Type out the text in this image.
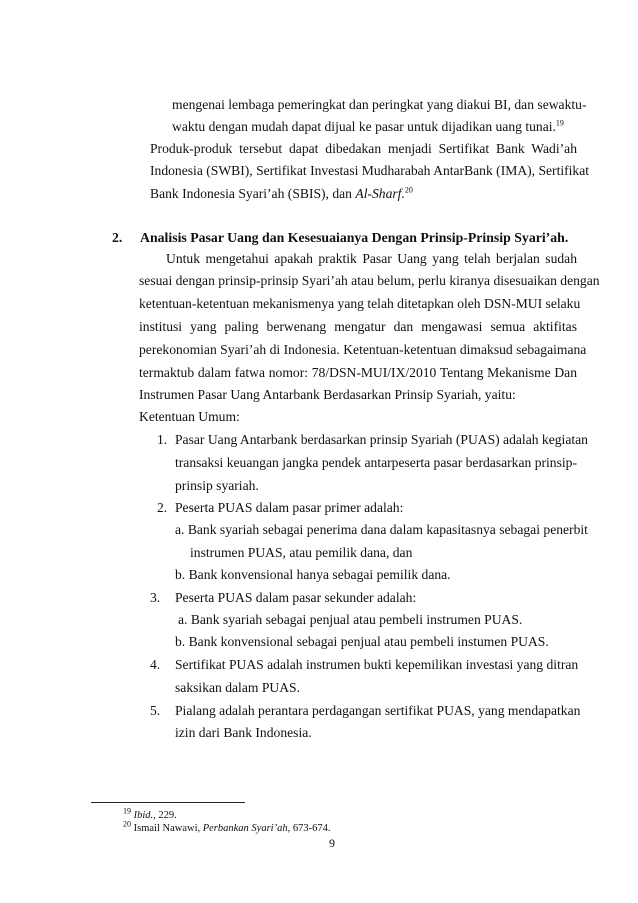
mengenai lembaga pemeringkat dan peringkat yang diakui BI, dan sewaktu-
waktu dengan mudah dapat dijual ke pasar untuk dijadikan uang tunai.$^{19}$
Produk-produk tersebut dapat dibedakan menjadi Sertifikat Bank Wadi’ah
Indonesia (SWBI), Sertifikat Investasi Mudharabah AntarBank (IMA), Sertifikat
Bank Indonesia Syari’ah (SBIS), dan Al-Sharf.$^{20}$
2. Analisis Pasar Uang dan Kesesuaianya Dengan Prinsip-Prinsip Syari’ah.
Untuk mengetahui apakah praktik Pasar Uang yang telah berjalan sudah
sesuai dengan prinsip-prinsip Syari’ah atau belum, perlu kiranya disesuaikan dengan
ketentuan-ketentuan mekanismenya yang telah ditetapkan oleh DSN-MUI selaku
institusi yang paling berwenang mengatur dan mengawasi semua aktifitas
perekonomian Syari’ah di Indonesia. Ketentuan-ketentuan dimaksud sebagaimana
termaktub dalam fatwa nomor: 78/DSN-MUI/IX/2010 Tentang Mekanisme Dan
Instrumen Pasar Uang Antarbank Berdasarkan Prinsip Syariah, yaitu:
Ketentuan Umum:
1. Pasar Uang Antarbank berdasarkan prinsip Syariah (PUAS) adalah kegiatan
transaksi keuangan jangka pendek antarpeserta pasar berdasarkan prinsip-
prinsip syariah.
2. Peserta PUAS dalam pasar primer adalah:
a. Bank syariah sebagai penerima dana dalam kapasitasnya sebagai penerbit
instrumen PUAS, atau pemilik dana, dan
b. Bank konvensional hanya sebagai pemilik dana.
3. Peserta PUAS dalam pasar sekunder adalah:
a. Bank syariah sebagai penjual atau pembeli instrumen PUAS.
b. Bank konvensional sebagai penjual atau pembeli instumen PUAS.
4. Sertifikat PUAS adalah instrumen bukti kepemilikan investasi yang ditran
saksikan dalam PUAS.
5. Pialang adalah perantara perdagangan sertifikat PUAS, yang mendapatkan
izin dari Bank Indonesia.
$^{19}$ Ibid., 229.
$^{20}$ Ismail Nawawi, Perbankan Syari’ah, 673-674.
9
